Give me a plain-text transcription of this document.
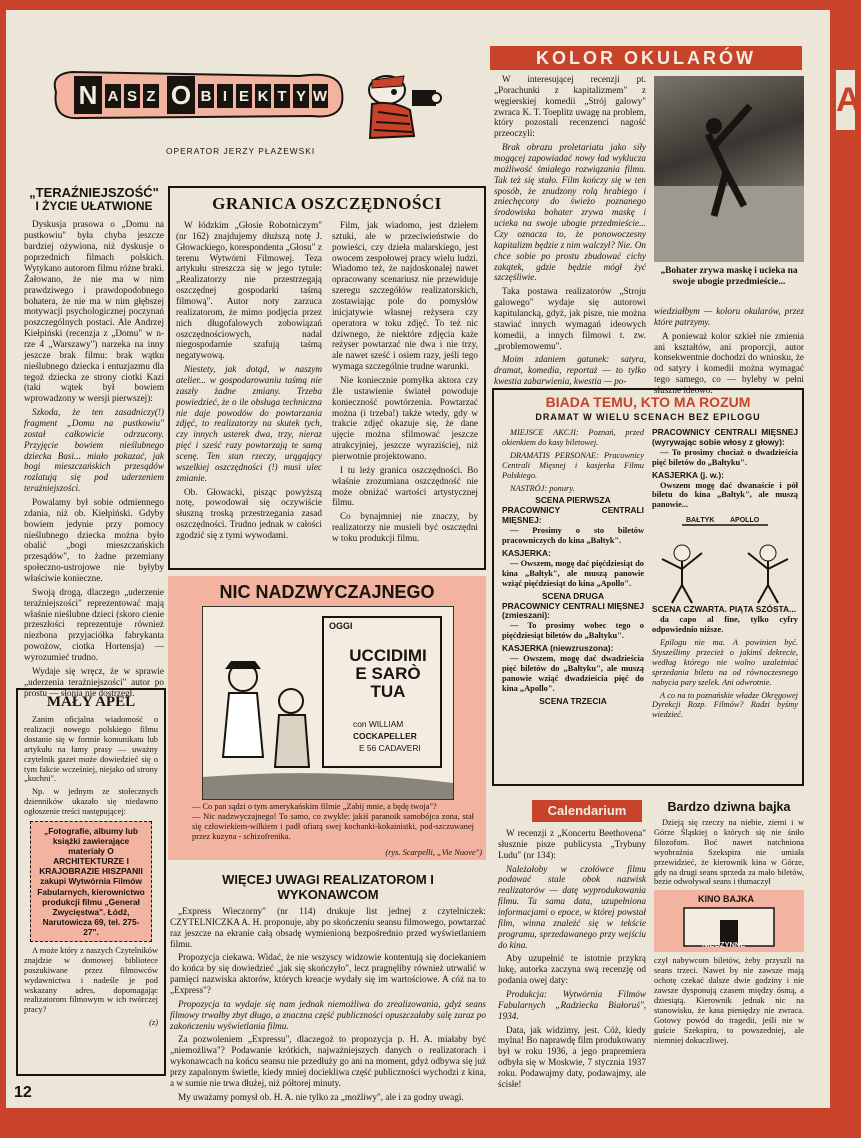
N A S Z O B I E K T Y W
OPERATOR JERZY PŁAŻEWSKI
„TERAŹNIEJSZOŚĆ"
I ŻYCIE UŁATWIONE

Dyskusja prasowa o „Domu na pustkowiu" była chyba jeszcze bardziej ożywiona, niż dyskusje o poprzednich filmach polskich. Wytykano autorom filmu różne braki. Żałowano, że nie ma w nim prawdziwego i prawdopodobnego bohatera, że nie ma w nim głębszej motywacji psychologicznej poczynań poszczególnych postaci. Ale Andrzej Kiełpiński (recenzja z „Domu" w n-rze 4 „Warszawy") narzeka na inny jeszcze brak filmu: brak wątku nieślubnego dziecka i entuzjazmu dla tegoż dziecka ze strony ciotki Kazi (taki wątek był bowiem wprowadzony w wersji pierwszej):

Szkoda, że ten zasadniczy(!) fragment „Domu na pustkowiu" został całkowicie odrzucony. Przyjęcie bowiem nieślubnego dziecka Basi... miało pokazać, jak bogi mieszczańskich przesądów rozlatują się pod uderzeniem teraźniejszości.

Powalamy był sobie odmiennego zdania, niż ob. Kiełpiński. Gdyby bowiem jedynie przy pomocy nieślubnego dziecka można było obalić „bogi mieszczańskich przesądów", to żadne przemiany społeczno-ustrojowe nie byłyby właściwie konieczne.

Swoją drogą, dlaczego „uderzenie teraźniejszości" reprezentować mają właśnie nieślubne dzieci (skoro cienie przeszłości reprezentuje również niezbona przyjaciółka fabrykanta powożow, ciotka Hortensja) — wyrozumieć trudno.

Wydaje się wręcz, że w sprawie „uderzenia teraźniejszości" autor po prostu — słonia nie dostrzegł.

MAŁY APEL

Zanim oficjalna wiadomość o realizacji nowego polskiego filmu dostanie się w formie komunikatu lub artykułu na łamy prasy — uważny czytelnik gazet może dowiedzieć się o tym fakcie wcześniej, niejako od strony „kuchni".

Np. w jednym ze stołecznych dzienników ukazało się niedawno ogłoszenie treści następującej:

„Fotografie, albumy lub książki zawierające materiały O ARCHITEKTURZE I KRAJOBRAZIE HISZPANII zakupi Wytwórnia Filmów Fabularnych, kierownictwo produkcji filmu „Generał Zwycięstwa". Łódź, Narutowicza 69, tel. 275-27".

A może który z naszych Czytelników znajdzie w domowej bibliotece poszukiwane przez filmowców wydawnictwa i nadeśle je pod wskazany adres, dopomagając realizatorom filmowym w ich twórczej pracy?

(z)
GRANICA OSZCZĘDNOŚCI

W łódzkim „Głosie Robotniczym" (nr 162) znajdujemy dłuższą notę J. Głowackiego, korespondenta „Głosu" z terenu Wytwórni Filmowej. Teza artykułu streszcza się w jego tytule: „Realizatorzy nie przestrzegają oszczędnej gospodarki taśmą filmową". Autor noty zarzuca realizatorom, że mimo podjęcia przez nich długofalowych zobowiązań oszczędnościowych, nadal niegospodarnie szafują taśmą negatywową.

Niestety, jak dotąd, w naszym atelier... w gospodarowaniu taśmą nie zaszły żadne zmiany. Trzeba powiedzieć, że o ile obsługa techniczna nie daje powodów do powtarzania zdjęć, to realizatorzy na skutek tych, czy innych usterek dwa, trzy, nieraz pięć i sześć razy powtarzają te samą scenę. Ten stan rzeczy, urągający wszelkiej oszczędności (!) musi ulec zmianie.

Ob. Głowacki, pisząc powyższą notę, powodował się oczywiście słuszną troską przestrzegania zasad oszczędności. Trudno jednak w całości zgodzić się z tymi wywodami.

Film, jak wiadomo, jest dziełem sztuki, ale w przeciwieństwie do powieści, czy dzieła malarskiego, jest owocem zespołowej pracy wielu ludzi. Wiadomo też, że najdoskonalej nawet opracowany scenariusz nie przewiduje szeregu szczegółów realizatorskich, zostawiając pole do pomysłów inicjatywie własnej reżysera czy operatora w toku zdjęć. To też nic dziwnego, że niektóre zdjęcia każe reżyser powtarzać nie dwa i nie trzy, ale nawet sześć i osiem razy, jeśli tego wymaga szczególnie trudne warunki.

Nie koniecznie pomyłka aktora czy źle ustawienie świateł powoduje konieczność powtórzenia. Powtarzać można (i trzeba!) także wtedy, gdy w trakcie zdjęć okazuje się, że dane ujęcie można sfilmować jeszcze atrakcyjniej, jeszcze wyraziściej, niż pierwotnie projektowano.

I tu leży granica oszczędności. Bo właśnie zrozumiana oszczędność nie może obniżać wartości artystycznej filmu.

Co bynajmniej nie znaczy, by realizatorzy nie musieli być oszczędni w toku produkcji filmu.

NIC NADZWYCZAJNEGO
OGGI
UCCIDIMI E SARÒ TUA
con WILLIAM
COCKAPELLER
E 56 CADAVERI
— Co pan sądzi o tym amerykańskim filmie „Zabij mnie, a będę twoja"?
— Nic nadzwyczajnego! To samo, co zwykle: jakiś paranoik samobójca zona, stał się człowiekiem-wilkiem i padł ofiarą swej kochanki-kokainistki, pod-szczuwanej przez kuzyna - schizofrenika.
(rys. Scarpelli, „Vie Nuove")
WIĘCEJ UWAGI REALIZATOROM I WYKONAWCOM

„Express Wieczorny" (nr 114) drukuje list jednej z czytelniczek: CZYTELNICZKA A. H. proponuje, aby po skończeniu seansu filmowego, powtarzać raz jeszcze na ekranie całą obsadę wymienioną bezpośrednio przed wyświetlaniem filmu.

Propozycja ciekawa. Widać, że nie wszyscy widzowie kontentują się dociekaniem do końca by się dowiedzieć „jak się skończyło", lecz pragnęliby również utrwalić w pamięci nazwiska aktorów, których kreacje wydały się im wartościowe. A cóż na to „Express"?

Propozycja ta wydaje się nam jednak niemożliwa do zrealizowania, gdyż seans filmowy trwałby zbyt długo, a znaczna część publiczności opuszczałaby salę zaraz po zakończeniu wyświetlania filmu.

Za pozwoleniem „Expressu", dlaczegoż to propozycja p. H. A. miałaby być „niemożliwa"? Podawanie krótkich, najważniejszych danych o realizatorach i wykonawcach na końcu seansu nie przedłuży go ani na moment, gdyż odbywa się już przy zapalonym świetle, kiedy mniej dociekliwa część publiczności wychodzi z kina, a w sumie nie trwa dłużej, niż półtorej minuty.

My uważamy pomysł ob. H. A. nie tylko za „możliwy", ale i za godny uwagi.

KOLOR OKULARÓW

W interesującej recenzji pt. „Porachunki z kapitalizmem" z węgierskiej komedii „Strój galowy" zwraca K. T. Toeplitz uwagę na problem, który pozostali recenzenci nagość przeoczyli:

Brak obrazu proletariatu jako siły mogącej zapowiadać nowy ład wyklucza możliwość śmiałego rozwiązania filmu. Tak też się stało. Film kończy się w ten sposób, że znudzony rolą hrabiego i zniechęcony do świeżo poznanego środowiska bohater zrywa maskę i ucieka na swoje ubogie przedmieście... Czy oznacza to, że ponowoczesny kapitalizm będzie z nim walczył? Nie. On chce sobie po prostu zbudować cichy zakątek, gdzie będzie mógł żyć szczęśliwie.

Taka postawa realizatorów „Stroju galowego" wydaje się autorowi kapitulancką, gdyż, jak pisze, nie można stawiać innych wymagań ideowych komedii, a innych filmowi t. zw. „problemowemu".

Moim zdaniem gatunek: satyra, dramat, komedia, reportaż — to tylko kwestia zabarwienia, kwestia — po-

„Bohater zrywa maskę i ucieka na swoje ubogie przedmieście...

wiedziałbym — koloru okularów, przez które patrzymy.

A ponieważ kolor szkieł nie zmienia ani kształtów, ani proporcji, autor konsekwentnie dochodzi do wniosku, że od satyry i komedii można wymagać tego samego, co — byleby w pełni słuszne ideowo.

BIADA TEMU, KTO MA ROZUM
DRAMAT W WIELU SCENACH BEZ EPILOGU

MIEJSCE AKCJI: Poznań, przed okienkiem do kasy biletowej.

DRAMATIS PERSONAE: Pracownicy Centrali Mięsnej i kasjerka Filmu Polskiego.

NASTRÓJ: ponury.

SCENA PIERWSZA
PRACOWNICY CENTRALI MIĘSNEJ:

— Prosimy o sto biletów pracowniczych do kina „Bałtyk".

KASJERKA:

— Owszem, mogę dać pięćdziesiąt do kina „Bałtyk", ale muszą panowie wziąć pięćdziesiąt do kina „Apollo".

SCENA DRUGA
PRACOWNICY CENTRALI MIĘSNEJ (zmieszani):

— To prosimy wobec tego o pięćdziesiąt biletów do „Bałtyku".

KASJERKA (niewzruszona):

— Owszem, mogę dać dwadzieścia pięć biletów do „Bałtyku", ale muszą panowie wziąć dwadzieścia pięć do kina „Apollo".

SCENA TRZECIA
PRACOWNICY CENTRALI MIĘSNEJ (wyrywając sobie włosy z głowy):

— To prosimy chociaż o dwadzieścia pięć biletów do „Bałtyku".

KASJERKA (j. w.):

Owszem mogę dać dwanaście i pół biletu do kina „Bałtyk", ale muszą panowie...

BAŁTYK APOLLO
SCENA CZWARTA. PIĄTA SZÓSTA...

da capo al fine, tylko cyfry odpowiednio niższe.

Epilogu nie ma. A powinien być. Stysześlimy przecież o jakimś dekrecie, według którego nie wolno uzależniać sprzedania biletu na od równoczesnego nabycia pary szelek. Ani odwrotnie.

A co na to poznańskie władze Okręgowej Dyrekcji Rozp. Filmów? Radzi byśmy wiedzieć.

Calendarium

W recenzji z „Koncertu Beethovena" słusznie pisze publicysta „Trybuny Ludu" (nr 134):

Należałoby w czołówce filmu podawać stale obok nazwisk realizatorów — datę wyprodukowania filmu. Ta sama data, uzupełniona informacjami o epoce, w której powstał film, winna znaleźć się w tekście programu, sprzedawanego przy wejściu do kina.

Aby uzupełnić te istotnie przykrą lukę, autorka zaczyna swą recenzję od podania owej daty:

Produkcja: Wytwórnia Filmów Fabularnych „Radziecka Białoruś", 1934.

Data, jak widzimy, jest. Cóż, kiedy mylna! Bo naprawdę film produkowany był w roku 1936, a jego prapremiera odbyła się w Moskwie, 7 stycznia 1937 roku. Podawajmy daty, podawajmy, ale ścisłe!

Bardzo dziwna bajka

Dzieją się rzeczy na niebie, ziemi i w Górze Śląskiej o których się nie śniło filozofom. Boć nawet natchniona wyobraźnia Szekspira nie umiała przewidzieć, że kierownik kina w Górze, gdy na drugi seans sprzeda za mało biletów, bezie odwoływał seans i tłumaczył

KINO BAJKA
NIECZYNNE

czył nabywcom biletów, żeby przyszli na seans trzeci. Nawet by nie zawsze mają ochotę czekać dalsze dwie godziny i nie zawsze dysponują czasem między ósmą, a dziesiątą. Kierownik jednak nic na stanowisku, że kasa pieniędzy nie zwraca. Gotowy powód do tragedii, jeśli nie w guście Szekspira, to powszedniej, ale niemniej dokuczliwej.

12
A
